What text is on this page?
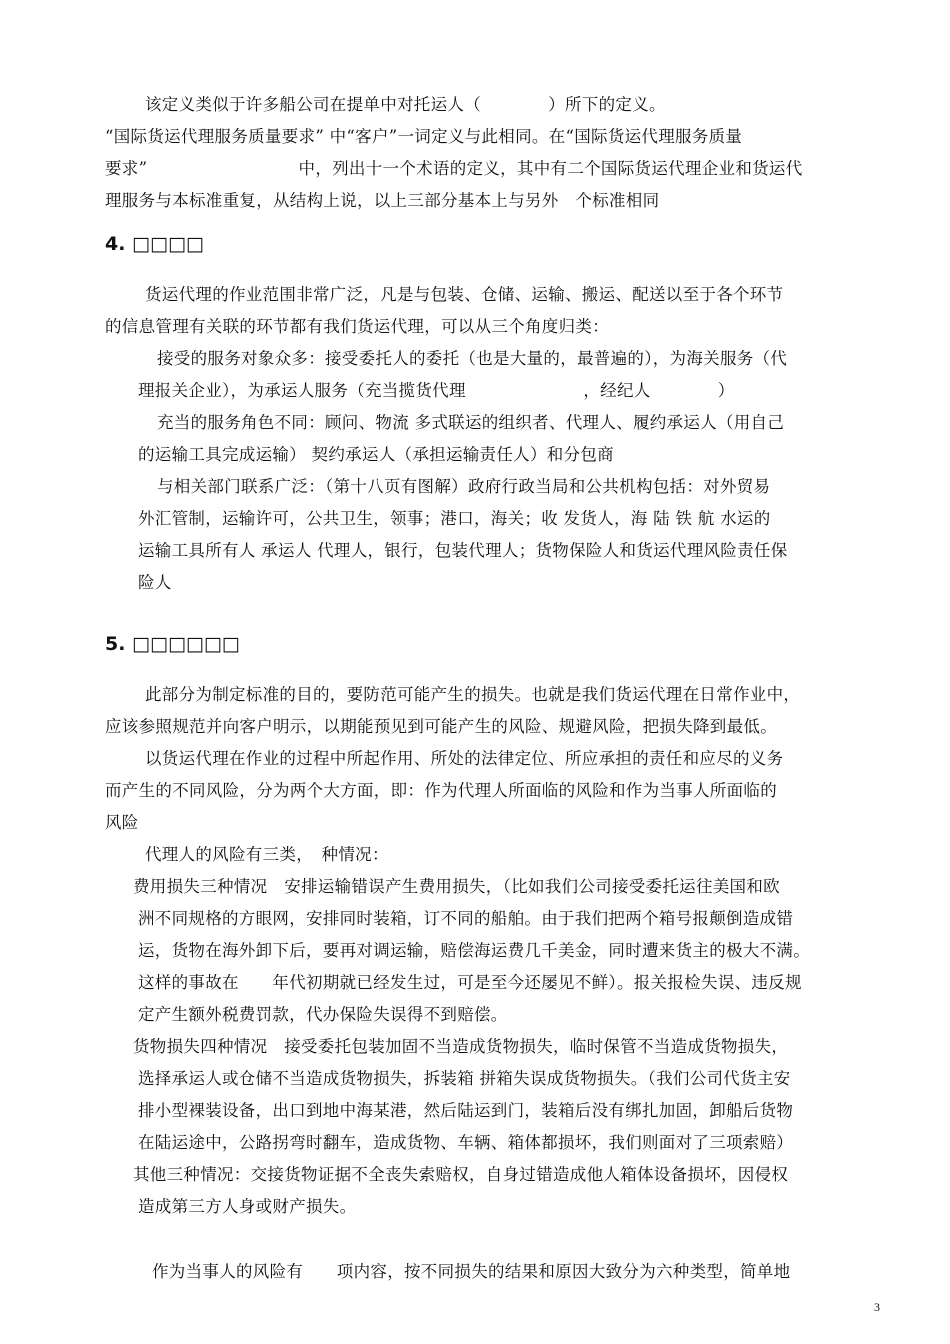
该定义类似于许多船公司在提单中对托运人（　　　　）所下的定义。
“国际货运代理服务质量要求” 中“客户”一词定义与此相同。在“国际货运代理服务质量
要求”　　　　　　　　　中，列出十一个术语的定义，其中有二个国际货运代理企业和货运代
理服务与本标准重复，从结构上说，以上三部分基本上与另外　个标准相同
4. □□□□
货运代理的作业范围非常广泛，凡是与包装、仓储、运输、搬运、配送以至于各个环节
的信息管理有关联的环节都有我们货运代理，可以从三个角度归类：
接受的服务对象众多：接受委托人的委托（也是大量的，最普遍的），为海关服务（代
理报关企业），为承运人服务（充当揽货代理　　　　　　　，经纪人　　　　）
充当的服务角色不同：顾问、物流 多式联运的组织者、代理人、履约承运人（用自己
的运输工具完成运输） 契约承运人（承担运输责任人）和分包商
与相关部门联系广泛：（第十八页有图解）政府行政当局和公共机构包括：对外贸易
外汇管制，运输许可，公共卫生，领事；港口，海关；收 发货人，海 陆 铁 航 水运的
运输工具所有人 承运人 代理人，银行，包装代理人；货物保险人和货运代理风险责任保
险人
5. □□□□□□
此部分为制定标准的目的，要防范可能产生的损失。也就是我们货运代理在日常作业中，
应该参照规范并向客户明示，以期能预见到可能产生的风险、规避风险，把损失降到最低。
以货运代理在作业的过程中所起作用、所处的法律定位、所应承担的责任和应尽的义务
而产生的不同风险，分为两个大方面，即：作为代理人所面临的风险和作为当事人所面临的
风险
代理人的风险有三类，　种情况：
费用损失三种情况　安排运输错误产生费用损失，（比如我们公司接受委托运往美国和欧
洲不同规格的方眼网，安排同时装箱，订不同的船舶。由于我们把两个箱号报颠倒造成错
运，货物在海外卸下后，要再对调运输，赔偿海运费几千美金，同时遭来货主的极大不满。
这样的事故在　　年代初期就已经发生过，可是至今还屡见不鲜）。报关报检失误、违反规
定产生额外税费罚款，代办保险失误得不到赔偿。
货物损失四种情况　接受委托包装加固不当造成货物损失，临时保管不当造成货物损失，
选择承运人或仓储不当造成货物损失，拆装箱 拼箱失误成货物损失。（我们公司代货主安
排小型裸装设备，出口到地中海某港，然后陆运到门，装箱后没有绑扎加固，卸船后货物
在陆运途中，公路拐弯时翻车，造成货物、车辆、箱体都损坏，我们则面对了三项索赔）
其他三种情况：交接货物证据不全丧失索赔权，自身过错造成他人箱体设备损坏，因侵权
造成第三方人身或财产损失。
作为当事人的风险有　　项内容，按不同损失的结果和原因大致分为六种类型，简单地
3
